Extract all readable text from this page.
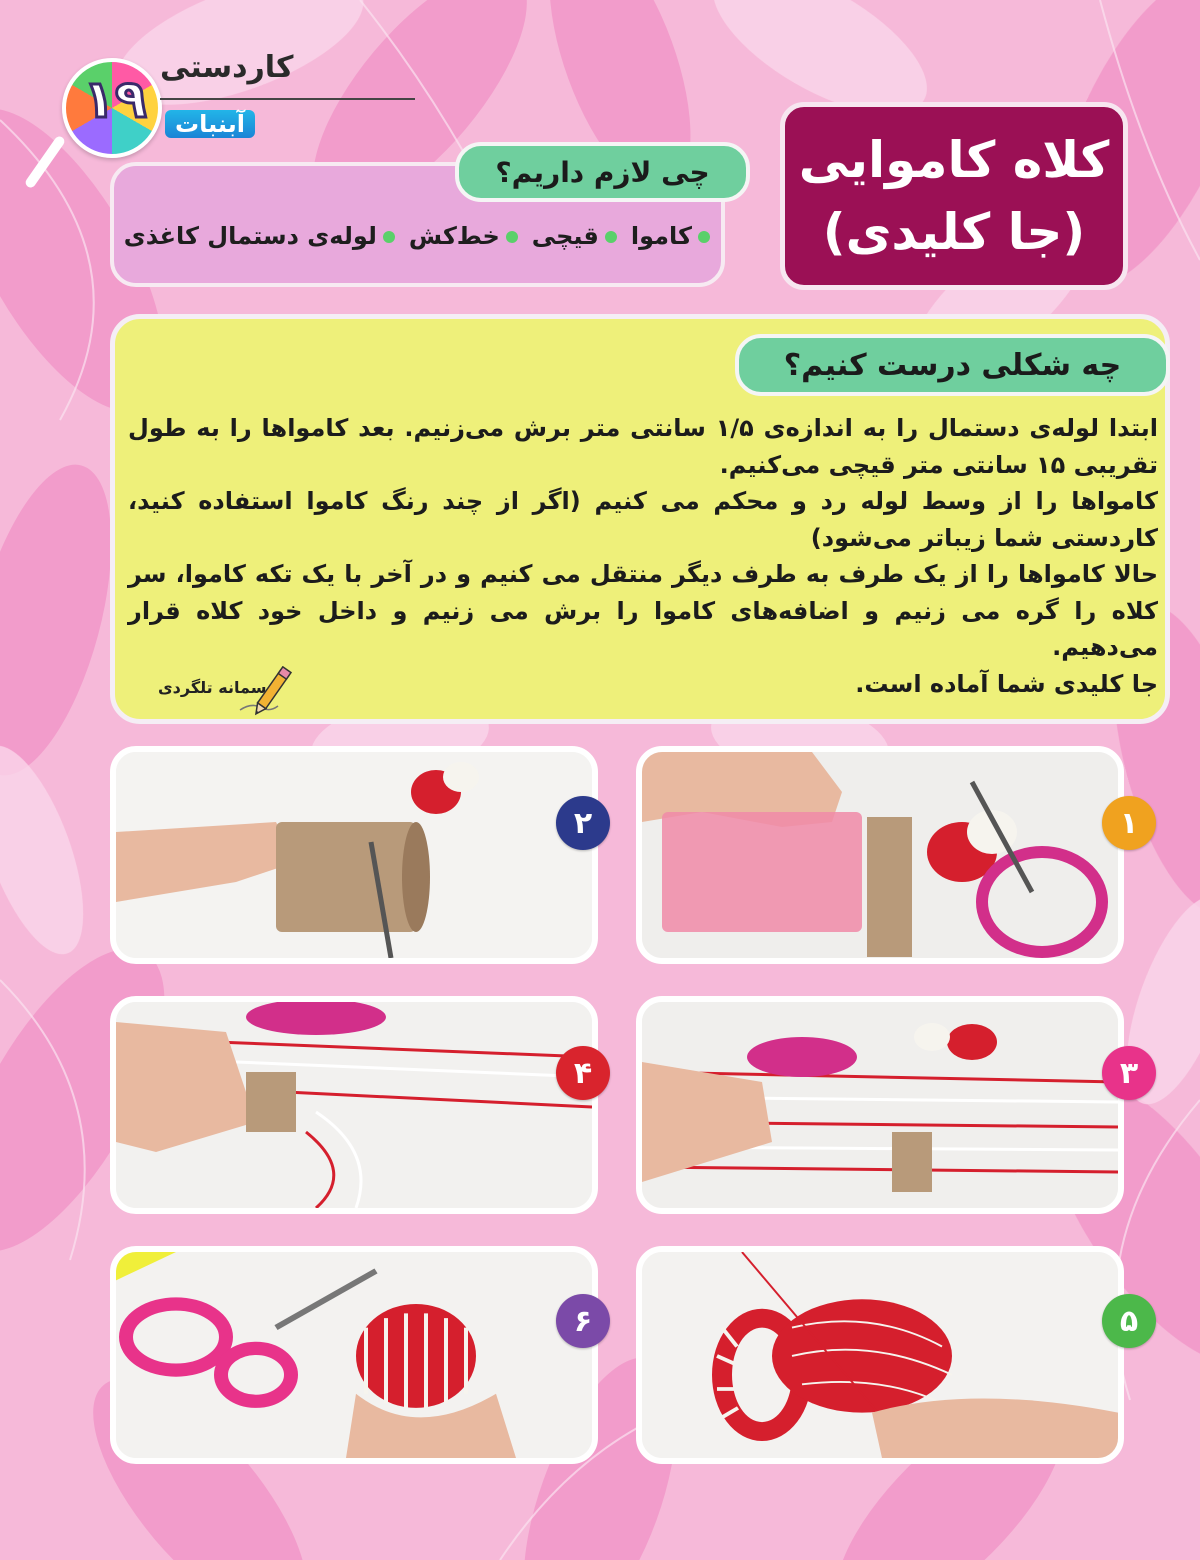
۱۹
کاردستی
آبنبات
کلاه کاموایی
(جا کلیدی)
چی لازم داریم؟
کاموا
قیچی
خط‌کش
لوله‌ی دستمال کاغذی
چه شکلی درست کنیم؟

ابتدا لوله‌ی دستمال را به اندازه‌ی ۱/۵ سانتی متر برش می‌زنیم. بعد کامواها را به طول تقریبی ۱۵ سانتی متر قیچی می‌کنیم.

کامواها را از وسط لوله رد و محکم می کنیم (اگر از چند رنگ کاموا استفاده کنید، کاردستی شما زیباتر می‌شود)

حالا کامواها را از یک طرف به طرف دیگر منتقل می کنیم و در آخر با یک تکه کاموا، سر کلاه را گره می زنیم و اضافه‌های کاموا را برش می زنیم و داخل خود کلاه قرار می‌دهیم.

جا کلیدی شما آماده است.

سمانه تلگردی
۱
۲
۳
۴
۵
۶
